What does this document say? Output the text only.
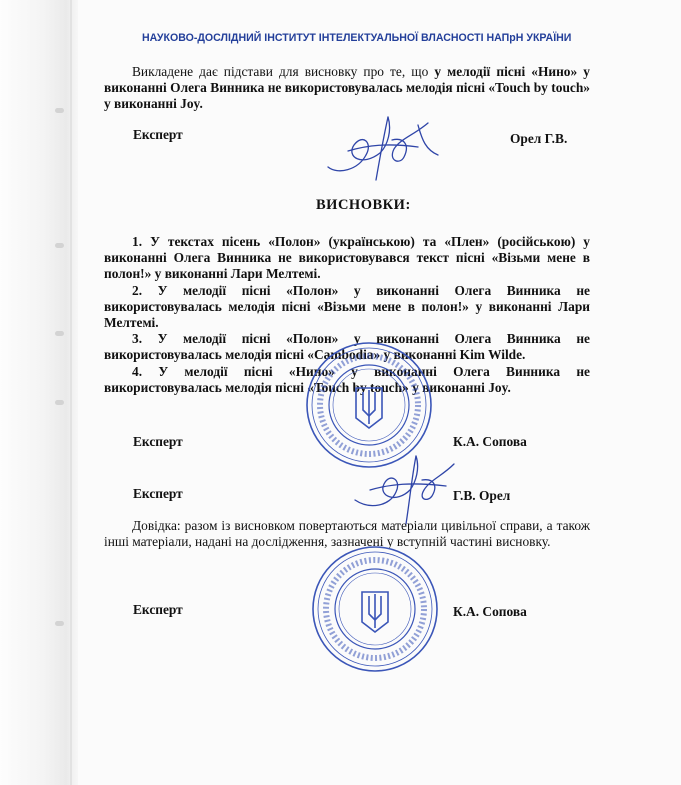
НАУКОВО-ДОСЛІДНИЙ ІНСТИТУТ ІНТЕЛЕКТУАЛЬНОЇ ВЛАСНОСТІ НАПрН УКРАЇНИ

Викладене дає підстави для висновку про те, що у мелодії пісні «Нино» у виконанні Олега Винника не використовувалась мелодія пісні «Touch by touch» у виконанні Joy.

Експерт	Орел Г.В.
ВИСНОВКИ:
1. У текстах пісень «Полон» (українською) та «Плен» (російською) у виконанні Олега Винника не використовувався текст пісні «Візьми мене в полон!» у виконанні Лари Мелтемі.
2. У мелодії пісні «Полон» у виконанні Олега Винника не використовувалась мелодія пісні «Візьми мене в полон!» у виконанні Лари Мелтемі.
3. У мелодії пісні «Полон» у виконанні Олега Винника не використовувалась мелодія пісні «Cambodia» у виконанні Kim Wilde.
4. У мелодії пісні «Нино» у виконанні Олега Винника не використовувалась мелодія пісні «Touch by touch» у виконанні Joy.
Експерт	К.А. Сопова
Експерт	Г.В. Орел

Довідка: разом із висновком повертаються матеріали цивільної справи, а також інші матеріали, надані на дослідження, зазначені у вступній частині висновку.

Експерт	К.А. Сопова
